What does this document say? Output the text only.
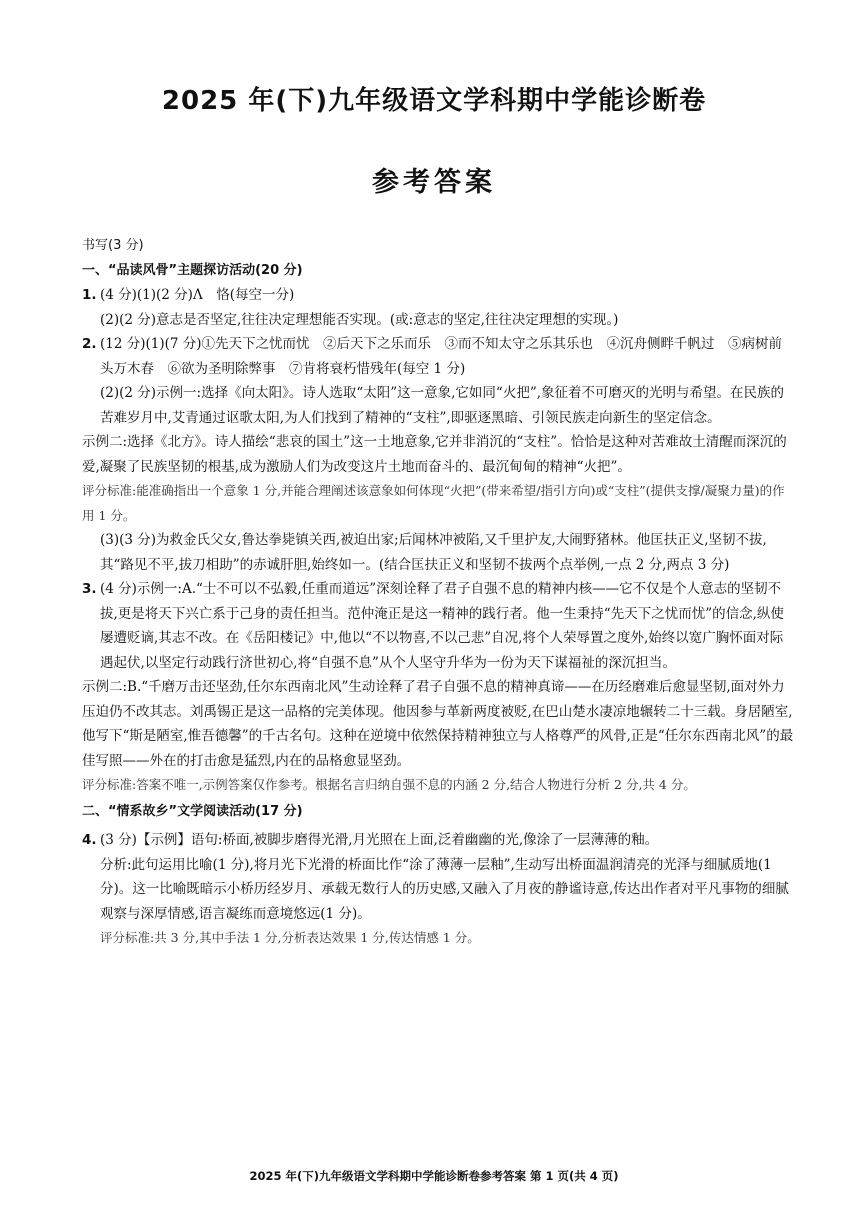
2025 年(下)九年级语文学科期中学能诊断卷
参考答案

书写(3 分)

一、“品读风骨”主题探访活动(20 分)

1. (4 分)(1)(2 分)Λ　恪(每空一分)

(2)(2 分)意志是否坚定,往往决定理想能否实现。(或:意志的坚定,往往决定理想的实现。)

2. (12 分)(1)(7 分)①先天下之忧而忧　②后天下之乐而乐　③而不知太守之乐其乐也　④沉舟侧畔千帆过　⑤病树前头万木春　⑥欲为圣明除弊事　⑦肯将衰朽惜残年(每空 1 分)

(2)(2 分)示例一:选择《向太阳》。诗人选取“太阳”这一意象,它如同“火把”,象征着不可磨灭的光明与希望。在民族的苦难岁月中,艾青通过讴歌太阳,为人们找到了精神的“支柱”,即驱逐黑暗、引领民族走向新生的坚定信念。

示例二:选择《北方》。诗人描绘“悲哀的国土”这一土地意象,它并非消沉的“支柱”。恰恰是这种对苦难故土清醒而深沉的爱,凝聚了民族坚韧的根基,成为激励人们为改变这片土地而奋斗的、最沉甸甸的精神“火把”。

评分标准:能准确指出一个意象 1 分,并能合理阐述该意象如何体现“火把”(带来希望/指引方向)或“支柱”(提供支撑/凝聚力量)的作用 1 分。

(3)(3 分)为救金氏父女,鲁达拳毙镇关西,被迫出家;后闻林冲被陷,又千里护友,大闹野猪林。他匡扶正义,坚韧不拔,其“路见不平,拔刀相助”的赤诚肝胆,始终如一。(结合匡扶正义和坚韧不拔两个点举例,一点 2 分,两点 3 分)

3. (4 分)示例一:A.“士不可以不弘毅,任重而道远”深刻诠释了君子自强不息的精神内核——它不仅是个人意志的坚韧不拔,更是将天下兴亡系于己身的责任担当。范仲淹正是这一精神的践行者。他一生秉持“先天下之忧而忧”的信念,纵使屡遭贬谪,其志不改。在《岳阳楼记》中,他以“不以物喜,不以己悲”自况,将个人荣辱置之度外,始终以宽广胸怀面对际遇起伏,以坚定行动践行济世初心,将“自强不息”从个人坚守升华为一份为天下谋福祉的深沉担当。

示例二:B.“千磨万击还坚劲,任尔东西南北风”生动诠释了君子自强不息的精神真谛——在历经磨难后愈显坚韧,面对外力压迫仍不改其志。刘禹锡正是这一品格的完美体现。他因参与革新两度被贬,在巴山楚水凄凉地辗转二十三载。身居陋室,他写下“斯是陋室,惟吾德馨”的千古名句。这种在逆境中依然保持精神独立与人格尊严的风骨,正是“任尔东西南北风”的最佳写照——外在的打击愈是猛烈,内在的品格愈显坚劲。

评分标准:答案不唯一,示例答案仅作参考。根据名言归纳自强不息的内涵 2 分,结合人物进行分析 2 分,共 4 分。

二、“情系故乡”文学阅读活动(17 分)

4. (3 分)【示例】语句:桥面,被脚步磨得光滑,月光照在上面,泛着幽幽的光,像涂了一层薄薄的釉。

分析:此句运用比喻(1 分),将月光下光滑的桥面比作“涂了薄薄一层釉”,生动写出桥面温润清亮的光泽与细腻质地(1 分)。这一比喻既暗示小桥历经岁月、承载无数行人的历史感,又融入了月夜的静谧诗意,传达出作者对平凡事物的细腻观察与深厚情感,语言凝练而意境悠远(1 分)。

评分标准:共 3 分,其中手法 1 分,分析表达效果 1 分,传达情感 1 分。

2025 年(下)九年级语文学科期中学能诊断卷参考答案 第 1 页(共 4 页)
